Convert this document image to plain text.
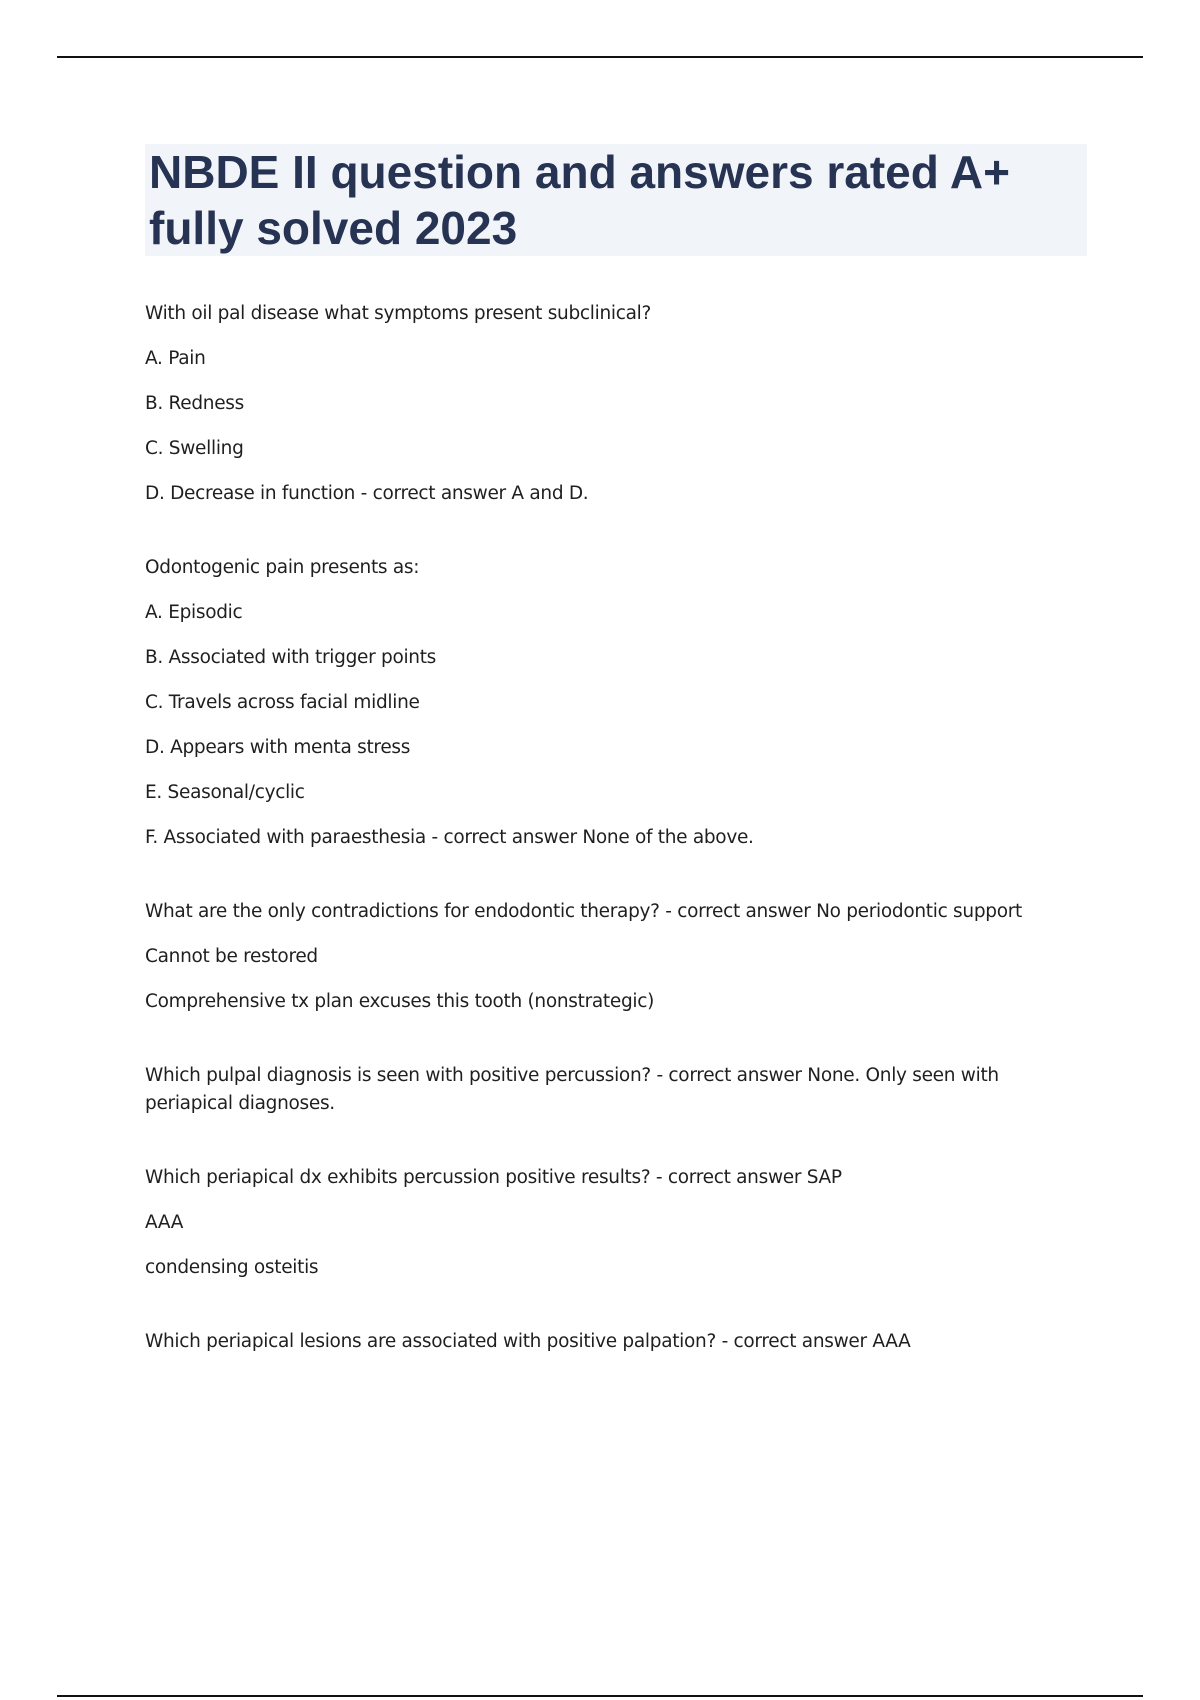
NBDE II question and answers rated A+ fully solved 2023

With oil pal disease what symptoms present subclinical?

A. Pain

B. Redness

C. Swelling

D. Decrease in function - correct answer A and D.

Odontogenic pain presents as:

A. Episodic

B. Associated with trigger points

C. Travels across facial midline

D. Appears with menta stress

E. Seasonal/cyclic

F. Associated with paraesthesia - correct answer None of the above.

What are the only contradictions for endodontic therapy? - correct answer No periodontic support

Cannot be restored

Comprehensive tx plan excuses this tooth (nonstrategic)

Which pulpal diagnosis is seen with positive percussion? - correct answer None. Only seen with periapical diagnoses.

Which periapical dx exhibits percussion positive results? - correct answer SAP

AAA

condensing osteitis

Which periapical lesions are associated with positive palpation? - correct answer AAA
